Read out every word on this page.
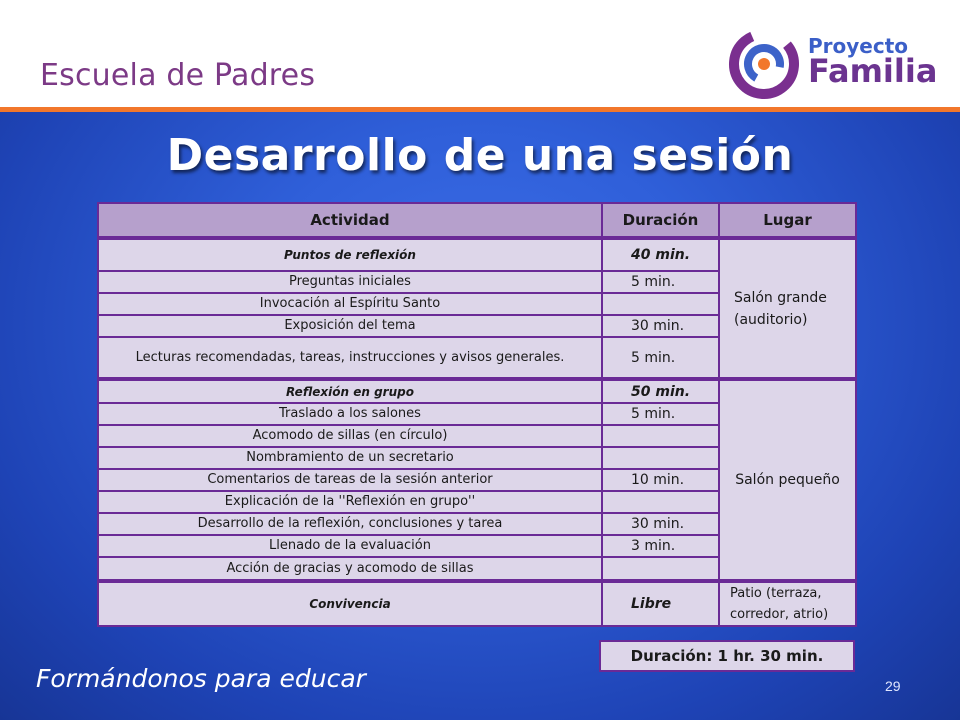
Escuela de Padres
Proyecto
Familia
Desarrollo de una sesión
Actividad	Duración	Lugar
Puntos de reflexión	40 min.	Salón grande
(auditorio)
Preguntas iniciales	5 min.	
Invocación al Espíritu Santo		
Exposición del tema	30 min.	
Lecturas recomendadas, tareas, instrucciones y avisos generales.	5 min.	
Reflexión en grupo	50 min.	Salón pequeño
Traslado a los salones	5 min.	
Acomodo de sillas (en círculo)		
Nombramiento de un secretario		
Comentarios de tareas de la sesión anterior	10 min.	
Explicación de la ''Reflexión en grupo''		
Desarrollo de la reflexión, conclusiones y tarea	30 min.	
Llenado de la evaluación	3 min.	
Acción de gracias y acomodo de sillas		
Convivencia	Libre	Patio (terraza,
corredor, atrio)
Duración: 1 hr. 30 min.
Formándonos para educar	29
